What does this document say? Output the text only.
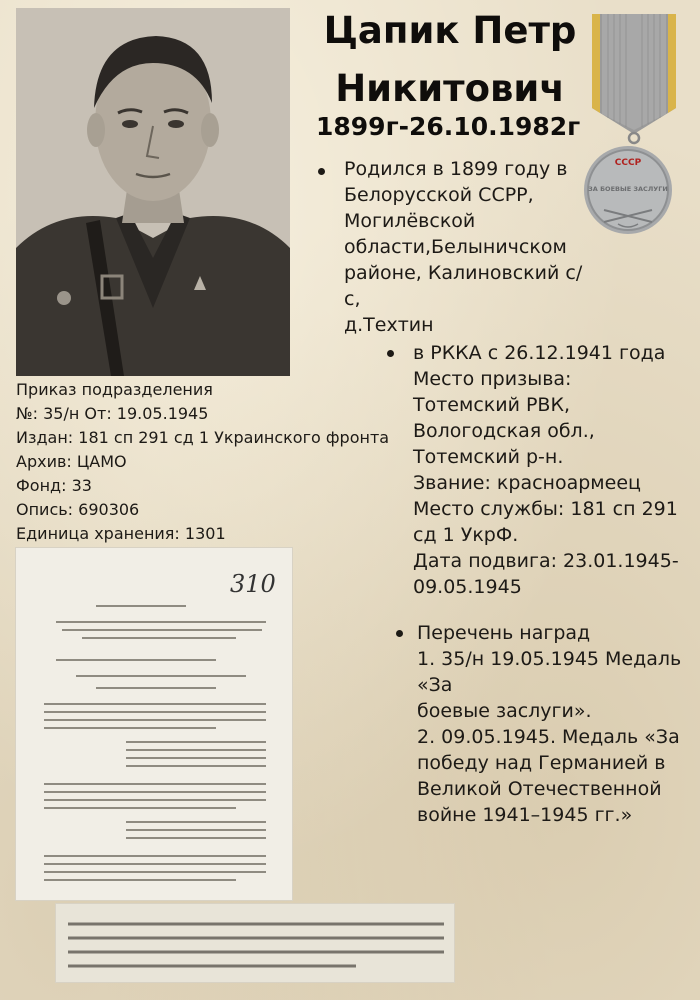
Цапик Петр
Никитович
1899г-26.10.1982г
СССР
ЗА БОЕВЫЕ ЗАСЛУГИ
Родился в 1899 году в
Белорусской ССРР,
Могилёвской
области,Белыничском
районе, Калиновский с/с,
д.Техтин
в РККА с 26.12.1941 года
Место призыва:
Тотемский РВК,
Вологодская обл.,
Тотемский р-н.
Звание: красноармеец
Место службы: 181 сп 291
сд 1 УкрФ.
Дата подвига: 23.01.1945-
09.05.1945
Приказ подразделения
№: 35/н От: 19.05.1945
Издан: 181 сп 291 сд 1 Украинского фронта
Архив: ЦАМО
Фонд: 33
Опись: 690306
Единица хранения: 1301
Перечень наград
1. 35/н 19.05.1945 Медаль «За
боевые заслуги».
2. 09.05.1945. Медаль «За
победу над Германией в
Великой Отечественной
войне 1941–1945 гг.»
310
